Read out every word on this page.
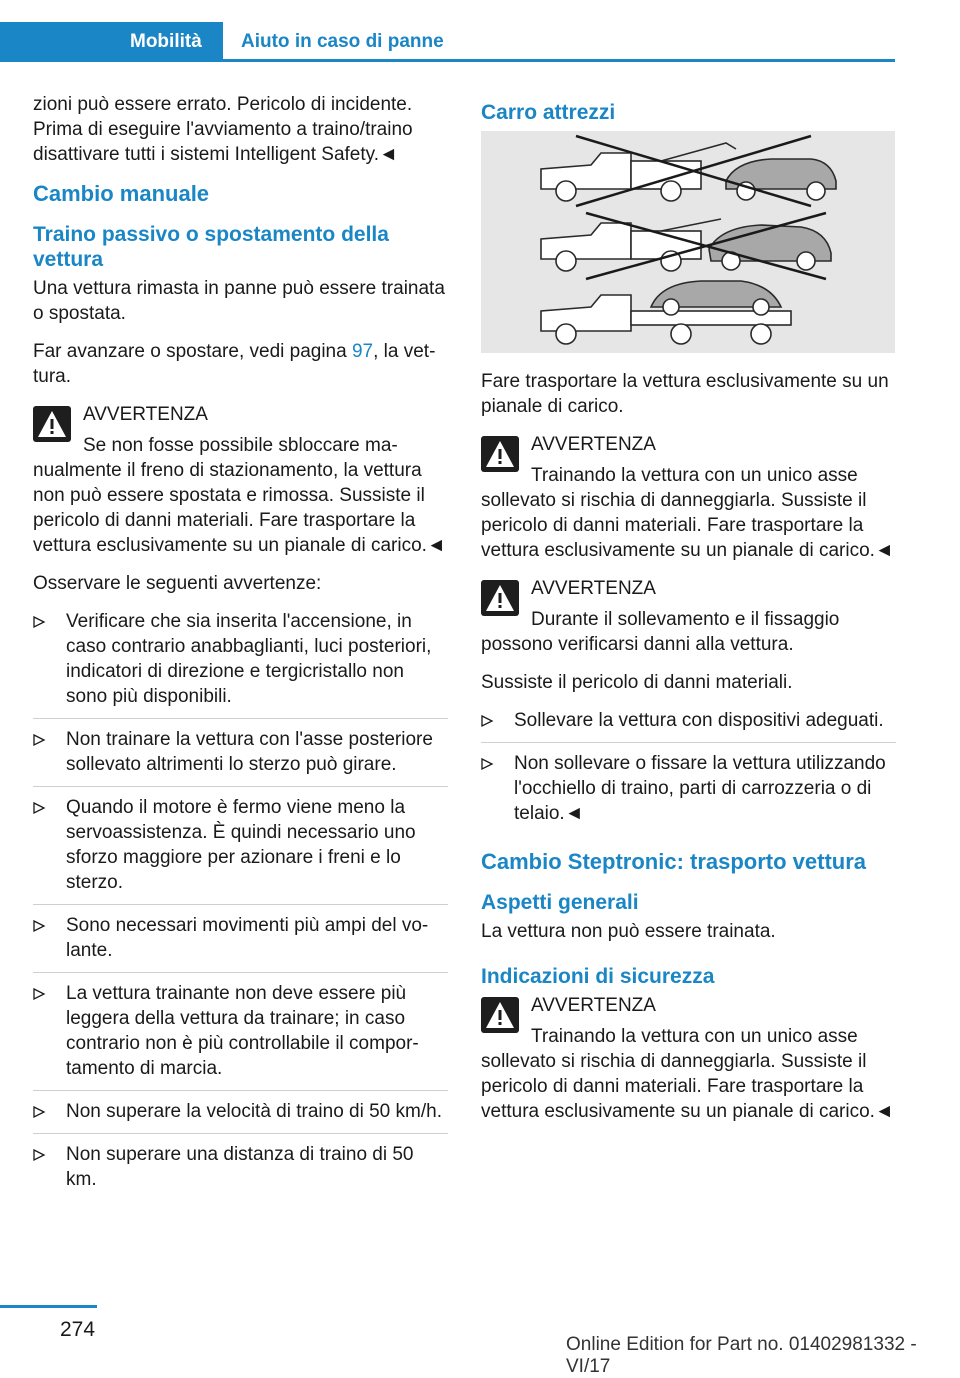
Mobilità	Aiuto in caso di panne

zioni può essere errato. Pericolo di incidente. Prima di eseguire l'avviamento a traino/traino disattivare tutti i sistemi Intelligent Safety.◄

Cambio manuale
Traino passivo o spostamento della vettura

Una vettura rimasta in panne può essere trainata o spostata.

Far avanzare o spostare, vedi pagina 97, la vettura.

AVVERTENZA
Se non fosse possibile sbloccare manualmente il freno di stazionamento, la vettura non può essere spostata e rimossa. Sussiste il pericolo di danni materiali. Fare trasportare la vettura esclusivamente su un pianale di carico.◄

Osservare le seguenti avvertenze:

Verificare che sia inserita l'accensione, in caso contrario anabbaglianti, luci posteriori, indicatori di direzione e tergicristallo non sono più disponibili.
Non trainare la vettura con l'asse posteriore sollevato altrimenti lo sterzo può girare.
Quando il motore è fermo viene meno la servoassistenza. È quindi necessario uno sforzo maggiore per azionare i freni e lo sterzo.
Sono necessari movimenti più ampi del volante.
La vettura trainante non deve essere più leggera della vettura da trainare; in caso contrario non è più controllabile il comportamento di marcia.
Non superare la velocità di traino di 50 km/h.
Non superare una distanza di traino di 50 km.
Carro attrezzi

Fare trasportare la vettura esclusivamente su un pianale di carico.

AVVERTENZA
Trainando la vettura con un unico asse sollevato si rischia di danneggiarla. Sussiste il pericolo di danni materiali. Fare trasportare la vettura esclusivamente su un pianale di carico.◄
AVVERTENZA
Durante il sollevamento e il fissaggio possono verificarsi danni alla vettura.

Sussiste il pericolo di danni materiali.

Sollevare la vettura con dispositivi adeguati.
Non sollevare o fissare la vettura utilizzando l'occhiello di traino, parti di carrozzeria o di telaio.◄
Cambio Steptronic: trasporto vettura
Aspetti generali

La vettura non può essere trainata.

Indicazioni di sicurezza
AVVERTENZA
Trainando la vettura con un unico asse sollevato si rischia di danneggiarla. Sussiste il pericolo di danni materiali. Fare trasportare la vettura esclusivamente su un pianale di carico.◄
274
Online Edition for Part no. 01402981332 - VI/17
